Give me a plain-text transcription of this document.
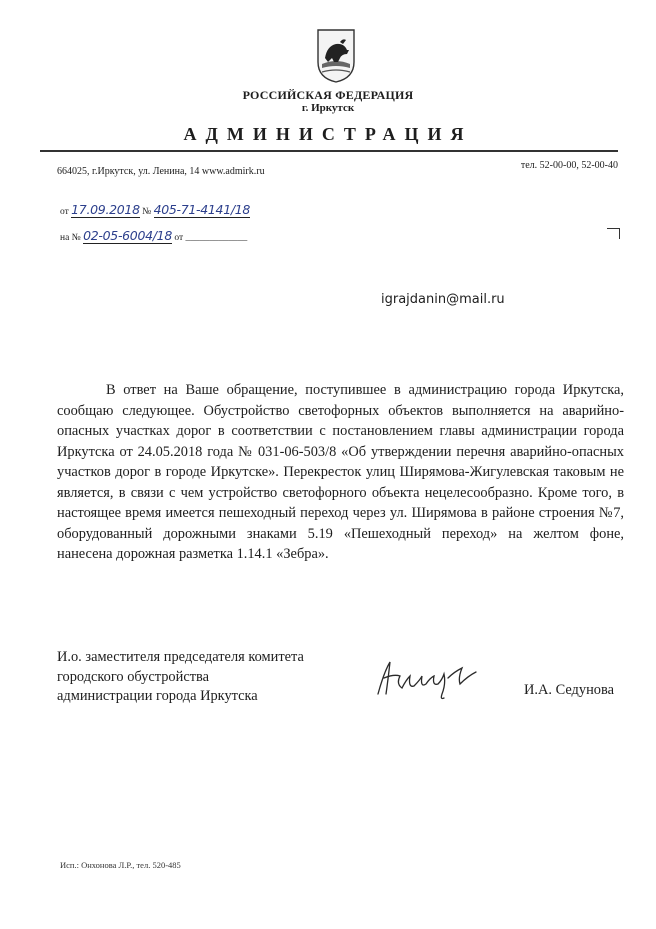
РОССИЙСКАЯ ФЕДЕРАЦИЯ
г. Иркутск
АДМИНИСТРАЦИЯ
664025, г.Иркутск, ул. Ленина, 14 www.admirk.ru
тел. 52-00-00, 52-00-40
от 17.09.2018 № 405-71-4141/18
на № 02-05-6004/18 от _____________
igrajdanin@mail.ru
В ответ на Ваше обращение, поступившее в администрацию города Иркутска, сообщаю следующее. Обустройство светофорных объектов выполняется на аварийно-опасных участках дорог в соответствии с постановлением главы администрации города Иркутска от 24.05.2018 года № 031-06-503/8 «Об утверждении перечня аварийно-опасных участков дорог в городе Иркутске». Перекресток улиц Ширямова-Жигулевская таковым не является, в связи с чем устройство светофорного объекта нецелесообразно. Кроме того, в настоящее время имеется пешеходный переход через ул. Ширямова в районе строения №7, оборудованный дорожными знаками 5.19 «Пешеходный переход» на желтом фоне, нанесена дорожная разметка 1.14.1 «Зебра».
И.о. заместителя председателя комитета
городского обустройства
администрации города Иркутска	И.А. Седунова
Исп.: Онхонова Л.Р., тел. 520-485
